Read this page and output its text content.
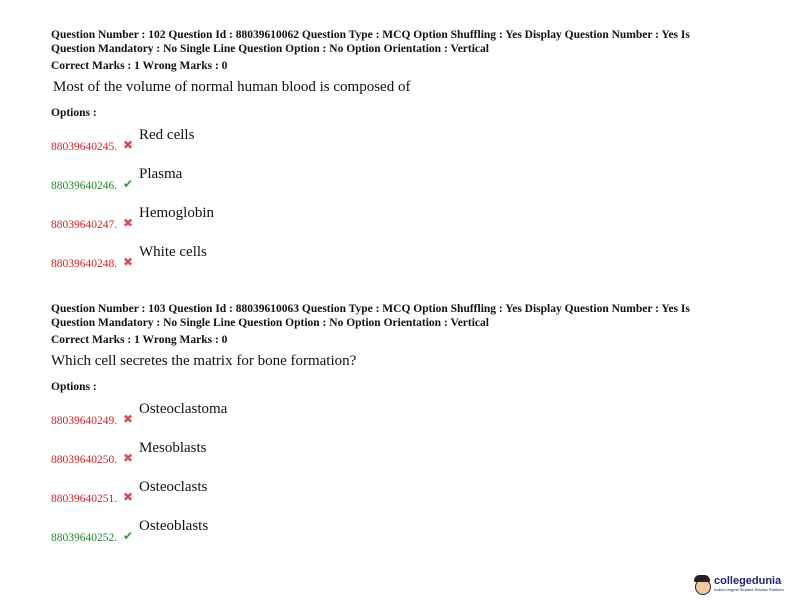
Question Number : 102 Question Id : 88039610062 Question Type : MCQ Option Shuffling : Yes Display Question Number : Yes Is
Question Mandatory : No Single Line Question Option : No Option Orientation : Vertical
Correct Marks : 1 Wrong Marks : 0
Most of the volume of normal human blood is composed of
Options :
88039640245. ✖
Red cells
88039640246. ✔
Plasma
88039640247. ✖
Hemoglobin
88039640248. ✖
White cells
Question Number : 103 Question Id : 88039610063 Question Type : MCQ Option Shuffling : Yes Display Question Number : Yes Is
Question Mandatory : No Single Line Question Option : No Option Orientation : Vertical
Correct Marks : 1 Wrong Marks : 0
Which cell secretes the matrix for bone formation?
Options :
88039640249. ✖
Osteoclastoma
88039640250. ✖
Mesoblasts
88039640251. ✖
Osteoclasts
88039640252. ✔
Osteoblasts
collegedunia
India's largest Student Review Platform
